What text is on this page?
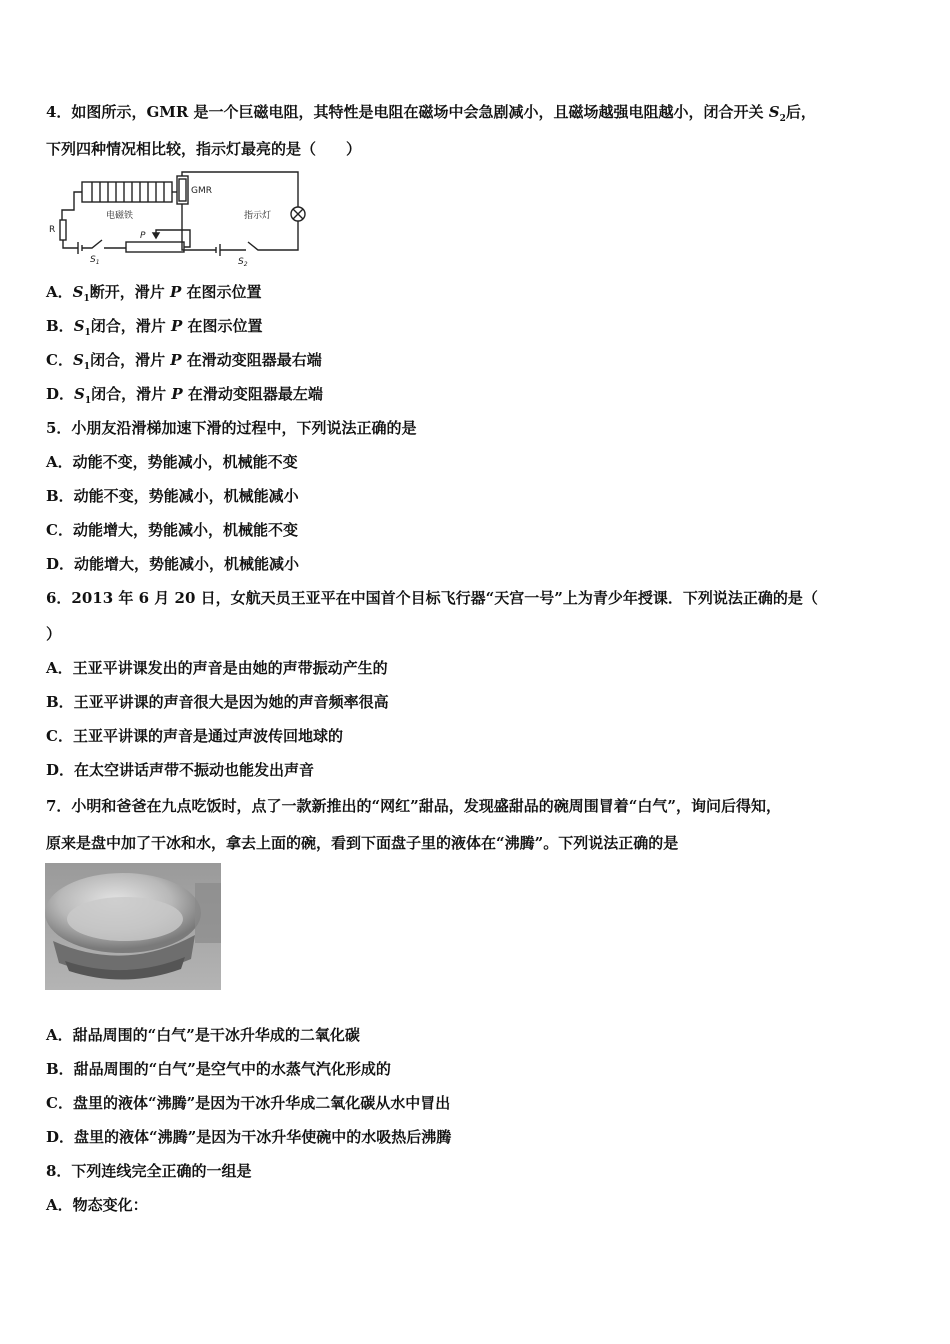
4．如图所示，GMR 是一个巨磁电阻，其特性是电阻在磁场中会急剧减小，且磁场越强电阻越小，闭合开关 $S_2$后，
下列四种情况相比较，指示灯最亮的是（　　）
GMR
电磁铁	指示灯
R
P
$S_1$	$S_2$
A．$S_1$断开，滑片 P 在图示位置
B．$S_1$闭合，滑片 P 在图示位置
C．$S_1$闭合，滑片 P 在滑动变阻器最右端
D．$S_1$闭合，滑片 P 在滑动变阻器最左端
5．小朋友沿滑梯加速下滑的过程中，下列说法正确的是
A．动能不变，势能减小，机械能不变
B．动能不变，势能减小，机械能减小
C．动能增大，势能减小，机械能不变
D．动能增大，势能减小，机械能减小
6．2013 年 6 月 20 日，女航天员王亚平在中国首个目标飞行器“天宫一号”上为青少年授课．下列说法正确的是（
）
A．王亚平讲课发出的声音是由她的声带振动产生的
B．王亚平讲课的声音很大是因为她的声音频率很高
C．王亚平讲课的声音是通过声波传回地球的
D．在太空讲话声带不振动也能发出声音
7．小明和爸爸在九点吃饭时，点了一款新推出的“网红”甜品，发现盛甜品的碗周围冒着“白气”，询问后得知，
原来是盘中加了干冰和水，拿去上面的碗，看到下面盘子里的液体在“沸腾”。下列说法正确的是
A．甜品周围的“白气”是干冰升华成的二氧化碳
B．甜品周围的“白气”是空气中的水蒸气汽化形成的
C．盘里的液体“沸腾”是因为干冰升华成二氧化碳从水中冒出
D．盘里的液体“沸腾”是因为干冰升华使碗中的水吸热后沸腾
8．下列连线完全正确的一组是
A．物态变化：
